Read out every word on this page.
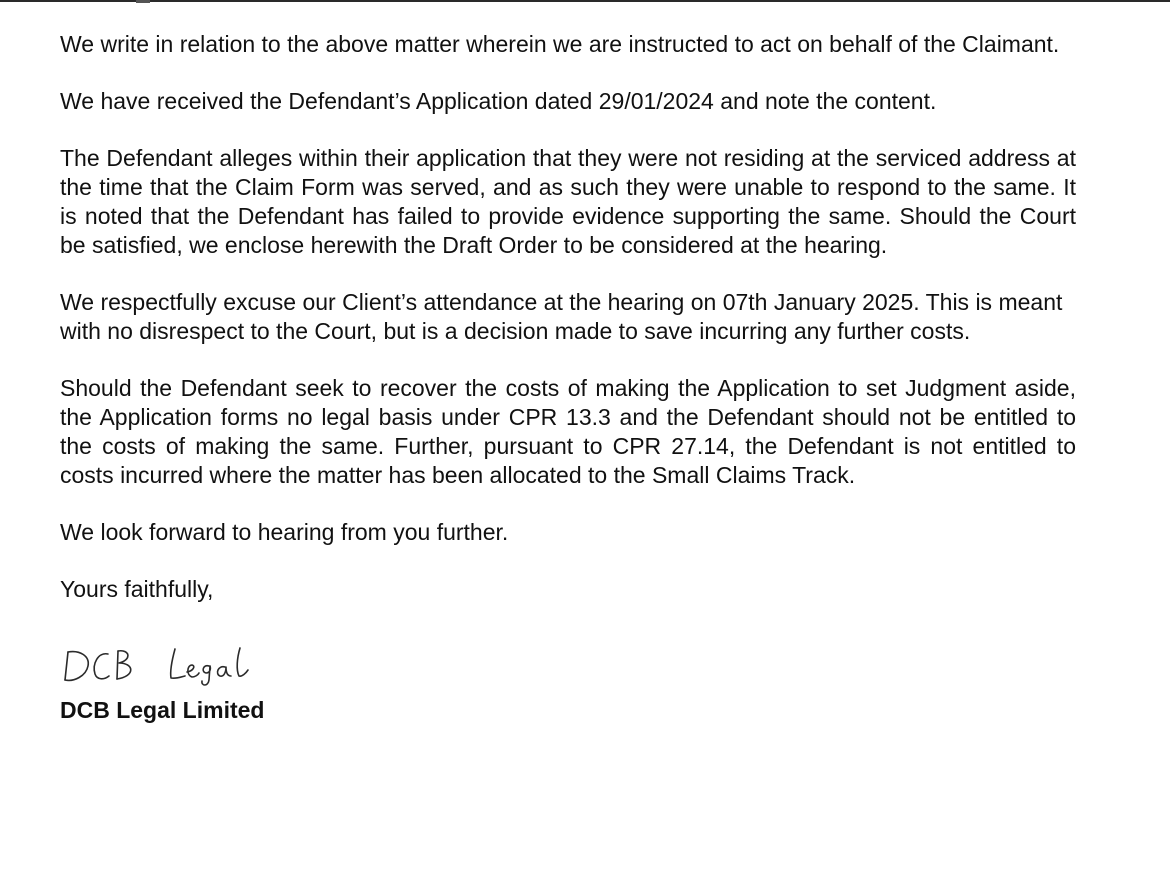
We write in relation to the above matter wherein we are instructed to act on behalf of the Claimant.

We have received the Defendant’s Application dated 29/01/2024 and note the content.

The Defendant alleges within their application that they were not residing at the serviced address at the time that the Claim Form was served, and as such they were unable to respond to the same. It is noted that the Defendant has failed to provide evidence supporting the same. Should the Court be satisfied, we enclose herewith the Draft Order to be considered at the hearing.

We respectfully excuse our Client’s attendance at the hearing on 07th January 2025. This is meant with no disrespect to the Court, but is a decision made to save incurring any further costs.

Should the Defendant seek to recover the costs of making the Application to set Judgment aside, the Application forms no legal basis under CPR 13.3 and the Defendant should not be entitled to the costs of making the same. Further, pursuant to CPR 27.14, the Defendant is not entitled to costs incurred where the matter has been allocated to the Small Claims Track.

We look forward to hearing from you further.

Yours faithfully,

DCB Legal Limited
